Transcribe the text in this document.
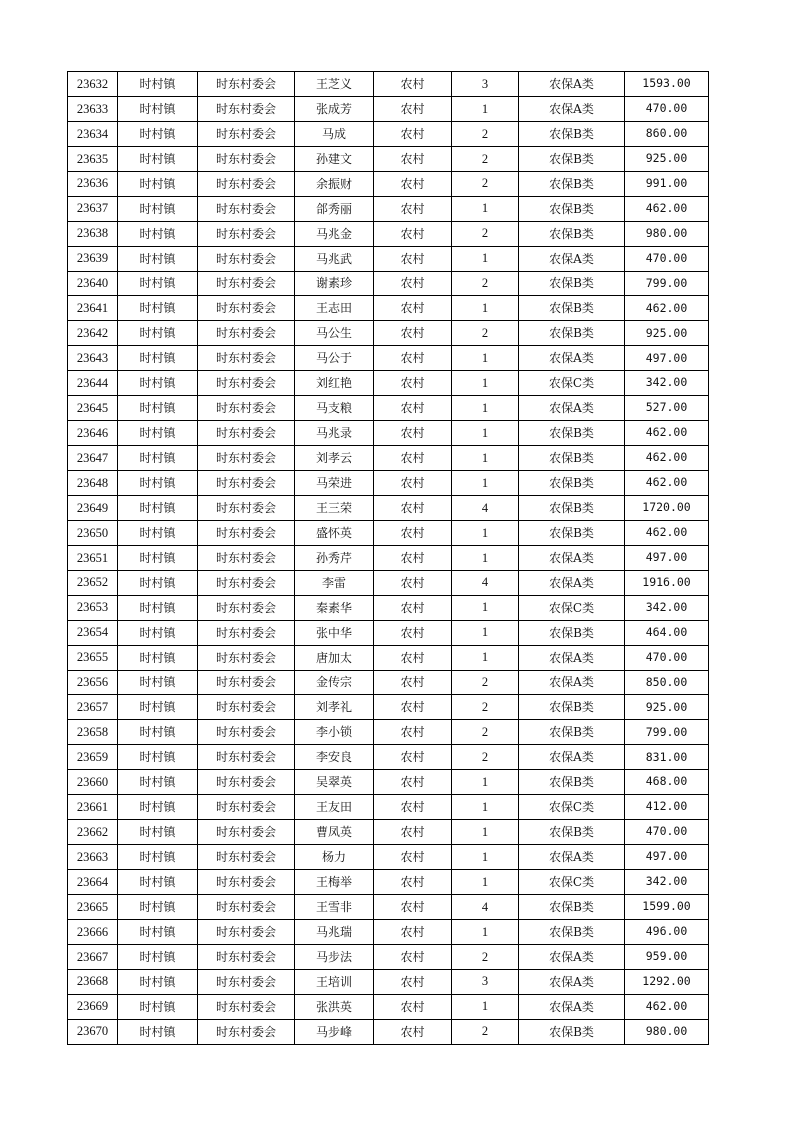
23632	时村镇	时东村委会	王芝义	农村	3	农保A类	1593.00
23633	时村镇	时东村委会	张成芳	农村	1	农保A类	470.00
23634	时村镇	时东村委会	马成	农村	2	农保B类	860.00
23635	时村镇	时东村委会	孙建文	农村	2	农保B类	925.00
23636	时村镇	时东村委会	余振财	农村	2	农保B类	991.00
23637	时村镇	时东村委会	郃秀丽	农村	1	农保B类	462.00
23638	时村镇	时东村委会	马兆金	农村	2	农保B类	980.00
23639	时村镇	时东村委会	马兆武	农村	1	农保A类	470.00
23640	时村镇	时东村委会	谢素珍	农村	2	农保B类	799.00
23641	时村镇	时东村委会	王志田	农村	1	农保B类	462.00
23642	时村镇	时东村委会	马公生	农村	2	农保B类	925.00
23643	时村镇	时东村委会	马公于	农村	1	农保A类	497.00
23644	时村镇	时东村委会	刘红艳	农村	1	农保C类	342.00
23645	时村镇	时东村委会	马支粮	农村	1	农保A类	527.00
23646	时村镇	时东村委会	马兆录	农村	1	农保B类	462.00
23647	时村镇	时东村委会	刘孝云	农村	1	农保B类	462.00
23648	时村镇	时东村委会	马荣进	农村	1	农保B类	462.00
23649	时村镇	时东村委会	王三荣	农村	4	农保B类	1720.00
23650	时村镇	时东村委会	盛怀英	农村	1	农保B类	462.00
23651	时村镇	时东村委会	孙秀芹	农村	1	农保A类	497.00
23652	时村镇	时东村委会	李雷	农村	4	农保A类	1916.00
23653	时村镇	时东村委会	秦素华	农村	1	农保C类	342.00
23654	时村镇	时东村委会	张中华	农村	1	农保B类	464.00
23655	时村镇	时东村委会	唐加太	农村	1	农保A类	470.00
23656	时村镇	时东村委会	金传宗	农村	2	农保A类	850.00
23657	时村镇	时东村委会	刘孝礼	农村	2	农保B类	925.00
23658	时村镇	时东村委会	李小锁	农村	2	农保B类	799.00
23659	时村镇	时东村委会	李安良	农村	2	农保A类	831.00
23660	时村镇	时东村委会	吴翠英	农村	1	农保B类	468.00
23661	时村镇	时东村委会	王友田	农村	1	农保C类	412.00
23662	时村镇	时东村委会	曹凤英	农村	1	农保B类	470.00
23663	时村镇	时东村委会	杨力	农村	1	农保A类	497.00
23664	时村镇	时东村委会	王梅举	农村	1	农保C类	342.00
23665	时村镇	时东村委会	王雪非	农村	4	农保B类	1599.00
23666	时村镇	时东村委会	马兆瑞	农村	1	农保B类	496.00
23667	时村镇	时东村委会	马步法	农村	2	农保A类	959.00
23668	时村镇	时东村委会	王培训	农村	3	农保A类	1292.00
23669	时村镇	时东村委会	张洪英	农村	1	农保A类	462.00
23670	时村镇	时东村委会	马步峰	农村	2	农保B类	980.00
